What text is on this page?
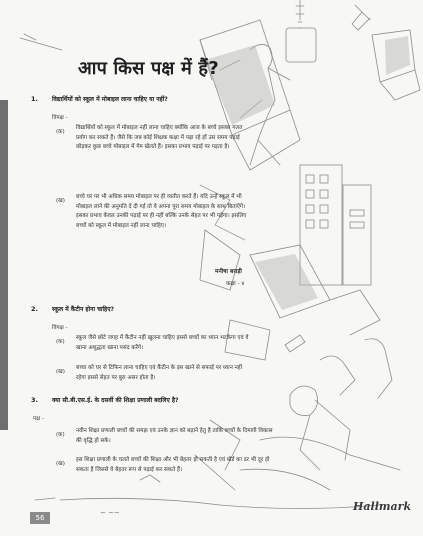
~ ~~
आप किस पक्ष में हैं?
1. विद्यार्थियों को स्कूल में मोबाइल लाना चाहिए या नहीं?
विपक्ष -
(क)
विद्यार्थियों को स्कूल में मोबाइल नहीं लाना चाहिए क्योंकि आज के बच्चे इसका गलत प्रयोग कर सकते हैं। जैसे कि जब कोई शिक्षक कक्षा में पढ़ा रहे हों उस समय पढ़ाई छोड़कर कुछ बच्चे मोबाइल में गेम खेलते हैं। इसका प्रभाव पढ़ाई पर पड़ता है।
(ख)
बच्चे घर पर भी अधिक समय मोबाइल पर ही व्यतीत करते हैं। यदि उन्हें स्कूल में भी मोबाइल लाने की अनुमति दे दी गई तो वे अपना पूरा समय मोबाइल के साथ बिताएँगे। इसका प्रभाव केवल उनकी पढ़ाई पर ही नहीं बल्कि उनके सेहत पर भी पड़ेगा। इसलिए बच्चों को स्कूल में मोबाइल नहीं लाना चाहिए।
मनीषा बराड़ी
कक्षा - ४
2. स्कूल में कैंटीन होना चाहिए?
विपक्ष -
(क)
स्कूल जैसे छोटे जगह में कैंटीन नहीं खुलना चाहिए इससे बच्चों का ध्यान भटकेगा एवं वे खाना अशुद्धता खाना पसंद करेंगे।
(ख)
बच्चा को घर से टिफिन लाना चाहिए एवं कैंटीन के इस खाने से सफाई पर ध्यान नहीं रहेगा इससे सेहत पर बुरा असर होता है।
3. क्या सी.बी.एस.ई. के दसवीं की शिक्षा प्रणाली बदलिए है?
पक्ष -
(क)
नवीन शिक्षा प्रणाली बच्चों की समझ एवं उनके ज्ञान को बढ़ाने हेतु है ताकि बच्चों के दिमाग़ी विकास की वृद्धि हो सके।
(ख)
इस शिक्षा प्रणाली के चलते बच्चों की शिक्षा और भी बेहतर हो सकती है एवं बोर्ड का डर भी दूर हो सकता है जिससे वे बेहतर रूप से पढ़ाई कर सकते हैं।
56
Hallmark
